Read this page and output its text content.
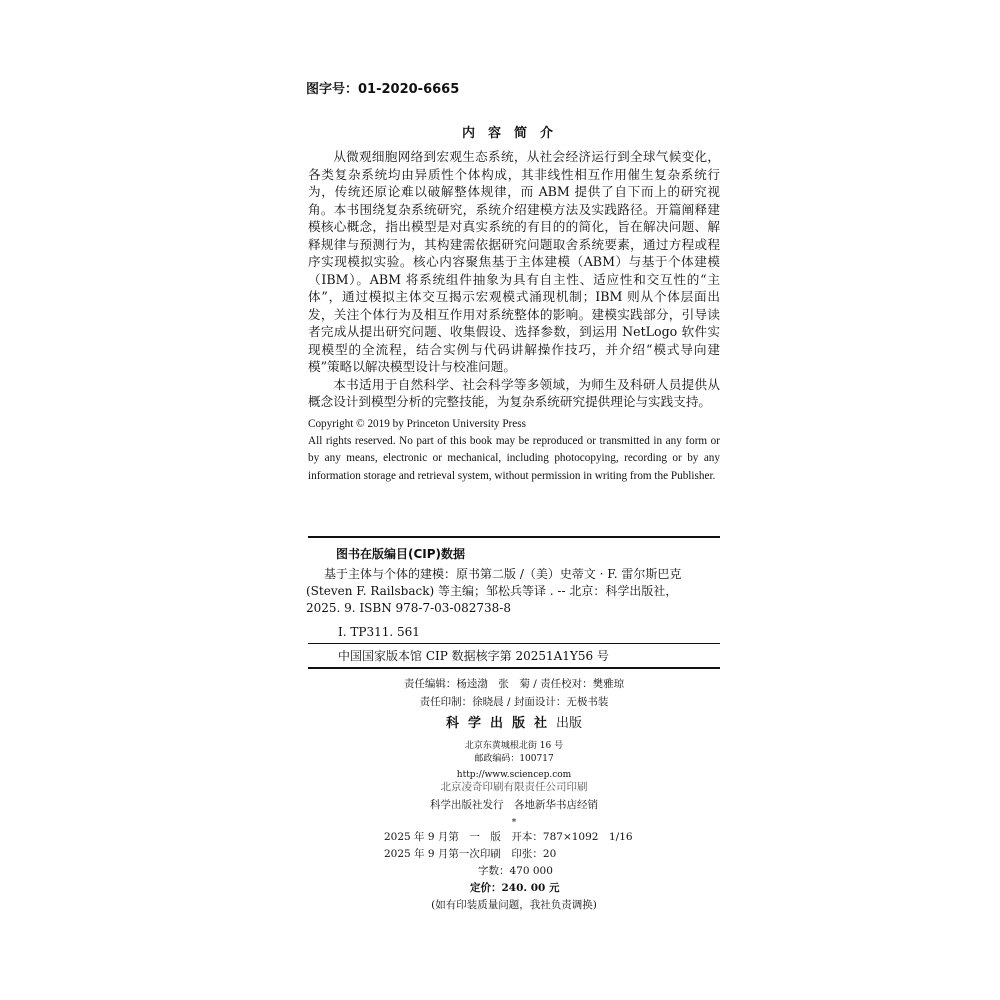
图字号：01-2020-6665
内容简介

从微观细胞网络到宏观生态系统，从社会经济运行到全球气候变化，各类复杂系统均由异质性个体构成，其非线性相互作用催生复杂系统行为，传统还原论难以破解整体规律，而 ABM 提供了自下而上的研究视角。本书围绕复杂系统研究，系统介绍建模方法及实践路径。开篇阐释建模核心概念，指出模型是对真实系统的有目的的简化，旨在解决问题、解释规律与预测行为，其构建需依据研究问题取舍系统要素，通过方程或程序实现模拟实验。核心内容聚焦基于主体建模（ABM）与基于个体建模（IBM）。ABM 将系统组件抽象为具有自主性、适应性和交互性的“主体”，通过模拟主体交互揭示宏观模式涌现机制；IBM 则从个体层面出发，关注个体行为及相互作用对系统整体的影响。建模实践部分，引导读者完成从提出研究问题、收集假设、选择参数，到运用 NetLogo 软件实现模型的全流程，结合实例与代码讲解操作技巧，并介绍“模式导向建模”策略以解决模型设计与校准问题。

本书适用于自然科学、社会科学等多领域，为师生及科研人员提供从概念设计到模型分析的完整技能，为复杂系统研究提供理论与实践支持。

Copyright © 2019 by Princeton University Press

All rights reserved. No part of this book may be reproduced or transmitted in any form or by any means, electronic or mechanical, including photocopying, recording or by any information storage and retrieval system, without permission in writing from the Publisher.

图书在版编目(CIP)数据
基于主体与个体的建模：原书第二版 /（美）史蒂文 · F. 雷尔斯巴克
(Steven F. Railsback) 等主编；邹松兵等译 . -- 北京：科学出版社，
2025. 9. ISBN 978-7-03-082738-8
Ⅰ. TP311. 561
中国国家版本馆 CIP 数据核字第 20251A1Y56 号
责任编辑：杨逵渤　张　菊 / 责任校对：樊雅琼
责任印制：徐晓晨 / 封面设计：无极书装
科学出版社出版
北京东黄城根北街 16 号
邮政编码：100717
http://www.sciencep.com
北京凌奇印刷有限责任公司印刷
科学出版社发行　各地新华书店经销
*
2025 年 9 月第　一　版　开本：787×1092　1/16
2025 年 9 月第一次印刷　印张：20
字数：470 000
定价：240. 00 元
(如有印装质量问题，我社负责调换)
